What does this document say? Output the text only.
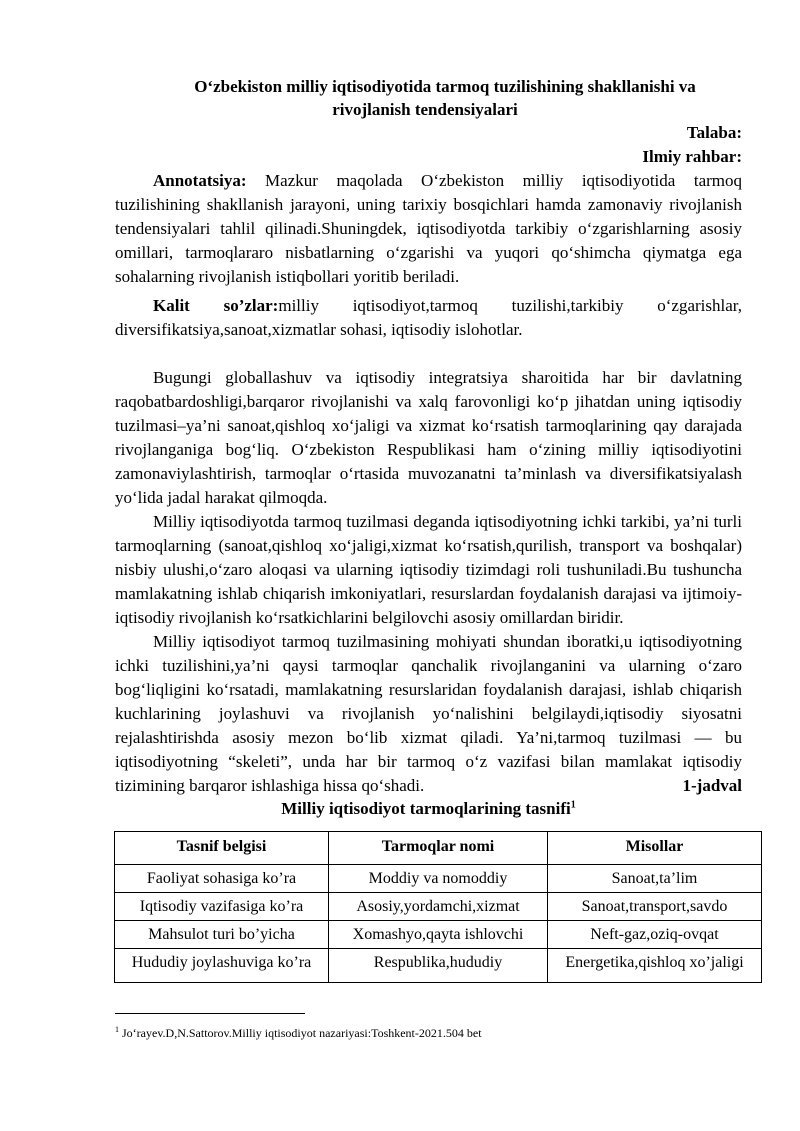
O‘zbekiston milliy iqtisodiyotida tarmoq tuzilishining shakllanishi va
rivojlanish tendensiyalari
Talaba:
Ilmiy rahbar:

Annotatsiya: Mazkur maqolada O‘zbekiston milliy iqtisodiyotida tarmoq tuzilishining shakllanish jarayoni, uning tarixiy bosqichlari hamda zamonaviy rivojlanish tendensiyalari tahlil qilinadi.Shuningdek, iqtisodiyotda tarkibiy o‘zgarishlarning asosiy omillari, tarmoqlararo nisbatlarning o‘zgarishi va yuqori qo‘shimcha qiymatga ega sohalarning rivojlanish istiqbollari yoritib beriladi.

Kalit so’zlar:milliy iqtisodiyot,tarmoq tuzilishi,tarkibiy o‘zgarishlar, diversifikatsiya,sanoat,xizmatlar sohasi, iqtisodiy islohotlar.

Bugungi globallashuv va iqtisodiy integratsiya sharoitida har bir davlatning raqobatbardoshligi,barqaror rivojlanishi va xalq farovonligi ko‘p jihatdan uning iqtisodiy tuzilmasi–ya’ni sanoat,qishloq xo‘jaligi va xizmat ko‘rsatish tarmoqlarining qay darajada rivojlanganiga bog‘liq. O‘zbekiston Respublikasi ham o‘zining milliy iqtisodiyotini zamonaviylashtirish, tarmoqlar o‘rtasida muvozanatni ta’minlash va diversifikatsiyalash yo‘lida jadal harakat qilmoqda.

Milliy iqtisodiyotda tarmoq tuzilmasi deganda iqtisodiyotning ichki tarkibi, ya’ni turli tarmoqlarning (sanoat,qishloq xo‘jaligi,xizmat ko‘rsatish,qurilish, transport va boshqalar) nisbiy ulushi,o‘zaro aloqasi va ularning iqtisodiy tizimdagi roli tushuniladi.Bu tushuncha mamlakatning ishlab chiqarish imkoniyatlari, resurslardan foydalanish darajasi va ijtimoiy-iqtisodiy rivojlanish ko‘rsatkichlarini belgilovchi asosiy omillardan biridir.

Milliy iqtisodiyot tarmoq tuzilmasining mohiyati shundan iboratki,u iqtisodiyotning ichki tuzilishini,ya’ni qaysi tarmoqlar qanchalik rivojlanganini va ularning o‘zaro bog‘liqligini ko‘rsatadi, mamlakatning resurslaridan foydalanish darajasi, ishlab chiqarish kuchlarining joylashuvi va rivojlanish yo‘nalishini belgilaydi,iqtisodiy siyosatni rejalashtirishda asosiy mezon bo‘lib xizmat qiladi. Ya’ni,tarmoq tuzilmasi — bu iqtisodiyotning “skeleti”, unda har bir tarmoq o‘z vazifasi bilan mamlakat iqtisodiy tizimining barqaror ishlashiga hissa qo‘shadi.	1-jadval
Milliy iqtisodiyot tarmoqlarining tasnifi$^1$
Tasnif belgisi	Tarmoqlar nomi	Misollar
Faoliyat sohasiga ko’ra	Moddiy va nomoddiy	Sanoat,ta’lim
Iqtisodiy vazifasiga ko’ra	Asosiy,yordamchi,xizmat	Sanoat,transport,savdo
Mahsulot turi bo’yicha	Xomashyo,qayta ishlovchi	Neft-gaz,oziq-ovqat
Hududiy joylashuviga ko’ra	Respublika,hududiy	Energetika,qishloq xo’jaligi
$^1$ Jo‘rayev.D,N.Sattorov.Milliy iqtisodiyot nazariyasi:Toshkent-2021.504 bet
